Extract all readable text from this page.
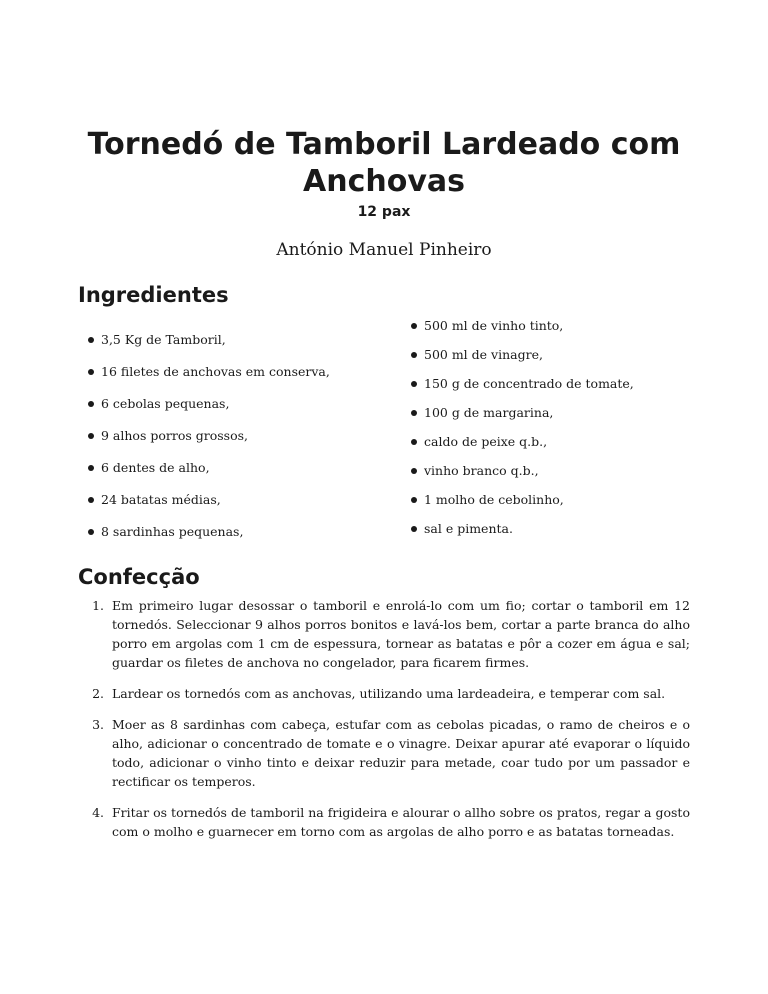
Tornedó de Tamboril Lardeado com Anchovas
12 pax
António Manuel Pinheiro
Ingredientes
3,5 Kg de Tamboril,
16 filetes de anchovas em conserva,
6 cebolas pequenas,
9 alhos porros grossos,
6 dentes de alho,
24 batatas médias,
8 sardinhas pequenas,
500 ml de vinho tinto,
500 ml de vinagre,
150 g de concentrado de tomate,
100 g de margarina,
caldo de peixe q.b.,
vinho branco q.b.,
1 molho de cebolinho,
sal e pimenta.
Confecção
1. Em primeiro lugar desossar o tamboril e enrolá-lo com um fio; cortar o tamboril em 12 tornedós. Seleccionar 9 alhos porros bonitos e lavá-los bem, cortar a parte branca do alho porro em argolas com 1 cm de espessura, tornear as batatas e pôr a cozer em água e sal; guardar os filetes de anchova no congelador, para ficarem firmes.
2. Lardear os tornedós com as anchovas, utilizando uma lardeadeira, e temperar com sal.
3. Moer as 8 sardinhas com cabeça, estufar com as cebolas picadas, o ramo de cheiros e o alho, adicionar o concentrado de tomate e o vinagre. Deixar apurar até evaporar o líquido todo, adicionar o vinho tinto e deixar reduzir para metade, coar tudo por um passador e rectificar os temperos.
4. Fritar os tornedós de tamboril na frigideira e alourar o allho sobre os pratos, regar a gosto com o molho e guarnecer em torno com as argolas de alho porro e as batatas torneadas.
